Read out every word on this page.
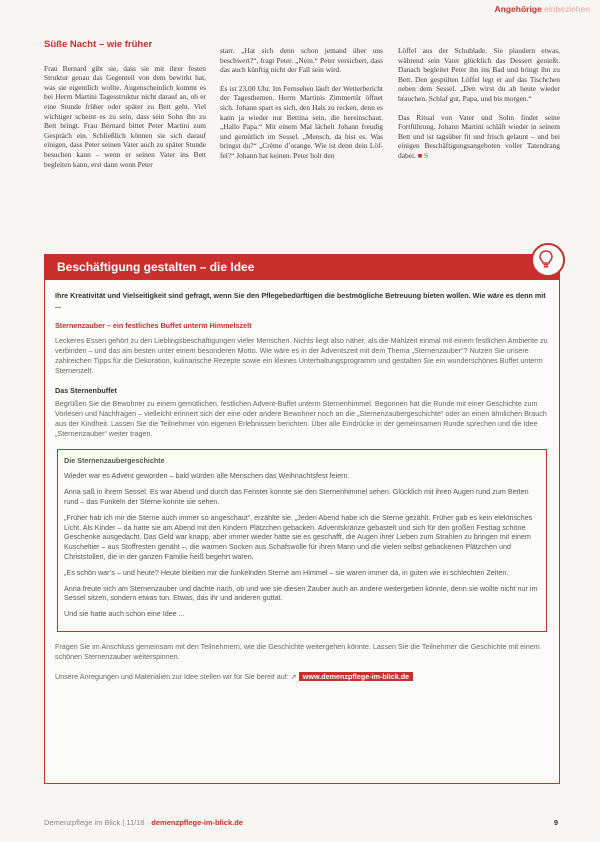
Angehörige einbeziehen
Süße Nacht – wie früher

Frau Bernard gibt sie, dass sie mit ihrer festen Struktur genau das Gegenteil von dem bewirkt hat, was sie eigentlich wollte. Augenscheinlich kommt es bei Herrn Martini Tagesstruktur nicht darauf an, ob er eine Stunde früher oder später zu Bett geht. Viel wichtiger scheint es zu sein, dass sein Sohn ihn zu Bett bringt. Frau Bernard bittet Peter Martini zum Gespräch ein. Schließlich können sie sich darauf einigen, dass Peter seinen Vater auch zu später Stunde besuchen kann – wenn er seinen Vater ins Bett begleiten kann, erst dann wenn Peter

starr. „Hat sich denn schon jemand über uns beschwert?“, fragt Peter. „Nein.“ Peter versichert, dass das auch künftig nicht der Fall sein wird.

Es ist 23.00 Uhr. Im Fernsehen läuft der Wetterbericht der Tagesthemen. Herrn Martinis Zimmertür öffnet sich. Johann spart es sich, den Hals zu recken, denn es kann ja wieder nur Bettina sein, die hereinschaut. „Hallo Papa.“ Mit einem Mal lächelt Johann freudig und gemütlich im Sessel. „Mensch, da bist es. Was bringst du?“ „Crème d’orange. Wie ist denn dein Löffel?“ Johann hat keinen. Peter holt den

Löffel aus der Schublade. Sie plaudern etwas, während sein Vater glücklich das Dessert genießt. Danach begleitet Peter ihn ins Bad und bringt ihn zu Bett. Den gespülten Löffel legt er auf das Tischchen neben dem Sessel. „Den wirst du ab heute wieder brauchen. Schlaf gut, Papa, und bis morgen.“

Das Ritual von Vater und Sohn findet seine Fortführung. Johann Martini schläft wieder in seinem Bett und ist tagsüber fit und frisch gelaunt – und bei einigen Beschäftigungsangeboten voller Tatendrang dabei. ■ S

Beschäftigung gestalten – die Idee

Ihre Kreativität und Vielseitigkeit sind gefragt, wenn Sie den Pflegebedürftigen die bestmögliche Betreuung bieten wollen. Wie wäre es denn mit ...

Sternenzauber – ein festliches Buffet unterm Himmelszelt

Leckeres Essen gehört zu den Lieblingsbeschäftigungen vieler Menschen. Nichts liegt also näher, als die Mahlzeit einmal mit einem festlichen Ambiente zu verbinden – und das am besten unter einem besonderen Motto. Wie wäre es in der Adventszeit mit dem Thema „Sternenzauber“? Nutzen Sie unsere zahlreichen Tipps für die Dekoration, kulinarische Rezepte sowie ein kleines Unterhaltungsprogramm und gestalten Sie ein wunderschönes Buffet unterm Sternenzelt.

Das Sternenbuffet

Begrüßen Sie die Bewohner zu einem gemütlichen, festlichen Advent-Buffet unterm Sternenhimmel. Begonnen hat die Runde mit einer Geschichte zum Vorlesen und Nachfragen – vielleicht erinnert sich der eine oder andere Bewohner noch an die „Sternenzaubergeschichte“ oder an einen ähnlichen Brauch aus der Kindheit. Lassen Sie die Teilnehmer von eigenen Erlebnissen berichten. Über alle Eindrücke in der gemeinsamen Runde sprechen und die Idee „Sternenzauber“ weiter tragen.

Die Sternenzaubergeschichte

Wieder war es Advent geworden – bald würden alle Menschen das Weihnachtsfest feiern.

Anna saß in ihrem Sessel. Es war Abend und durch das Fenster konnte sie den Sternenhimmel sehen. Glücklich mit ihren Augen rund zum Betten rund – das Funkeln der Sterne konnte sie sehen.

„Früher hab ich mir die Sterne auch immer so angeschaut“, erzählte sie. „Jeden Abend habe ich die Sterne gezählt. Früher gab es kein elektrisches Licht. Als Kinder – da hatte sie am Abend mit den Kindern Plätzchen gebacken. Adventskränze gebastelt und sich für den großen Festtag schöne Geschenke ausgedacht. Das Geld war knapp, aber immer wieder hatte sie es geschafft, die Augen ihrer Lieben zum Strahlen zu bringen mit einem Kuscheltier – aus Stoffresten genäht –, die warmen Socken aus Schafswolle für ihren Mann und die vielen selbst gebackenen Plätzchen und Christstollen, die in der ganzen Familie heiß begehrt waren.

„Es schön war’s – und heute? Heute bleiben mir die funkelnden Sterne am Himmel – sie waren immer da, in guten wie in schlechten Zeiten.

Anna freute sich am Sternenzauber und dachte nach, ob und wie sie diesen Zauber auch an andere weitergeben könnte, denn sie wollte nicht nur im Sessel sitzen, sondern etwas tun. Etwas, das ihr und anderen guttat.

Und sie hatte auch schon eine Idee ...

Fragen Sie im Anschluss gemeinsam mit den Teilnehmern, wie die Geschichte weitergehen könnte. Lassen Sie die Teilnehmer die Geschichte mit einem schönen Sternenzauber weiterspinnen.

Unsere Anregungen und Materialien zur Idee stellen wir für Sie bereit auf: ➚ www.demenzpflege-im-blick.de

Demenzpflege im Blick | 11/18 · demenzpflege-im-blick.de	9
